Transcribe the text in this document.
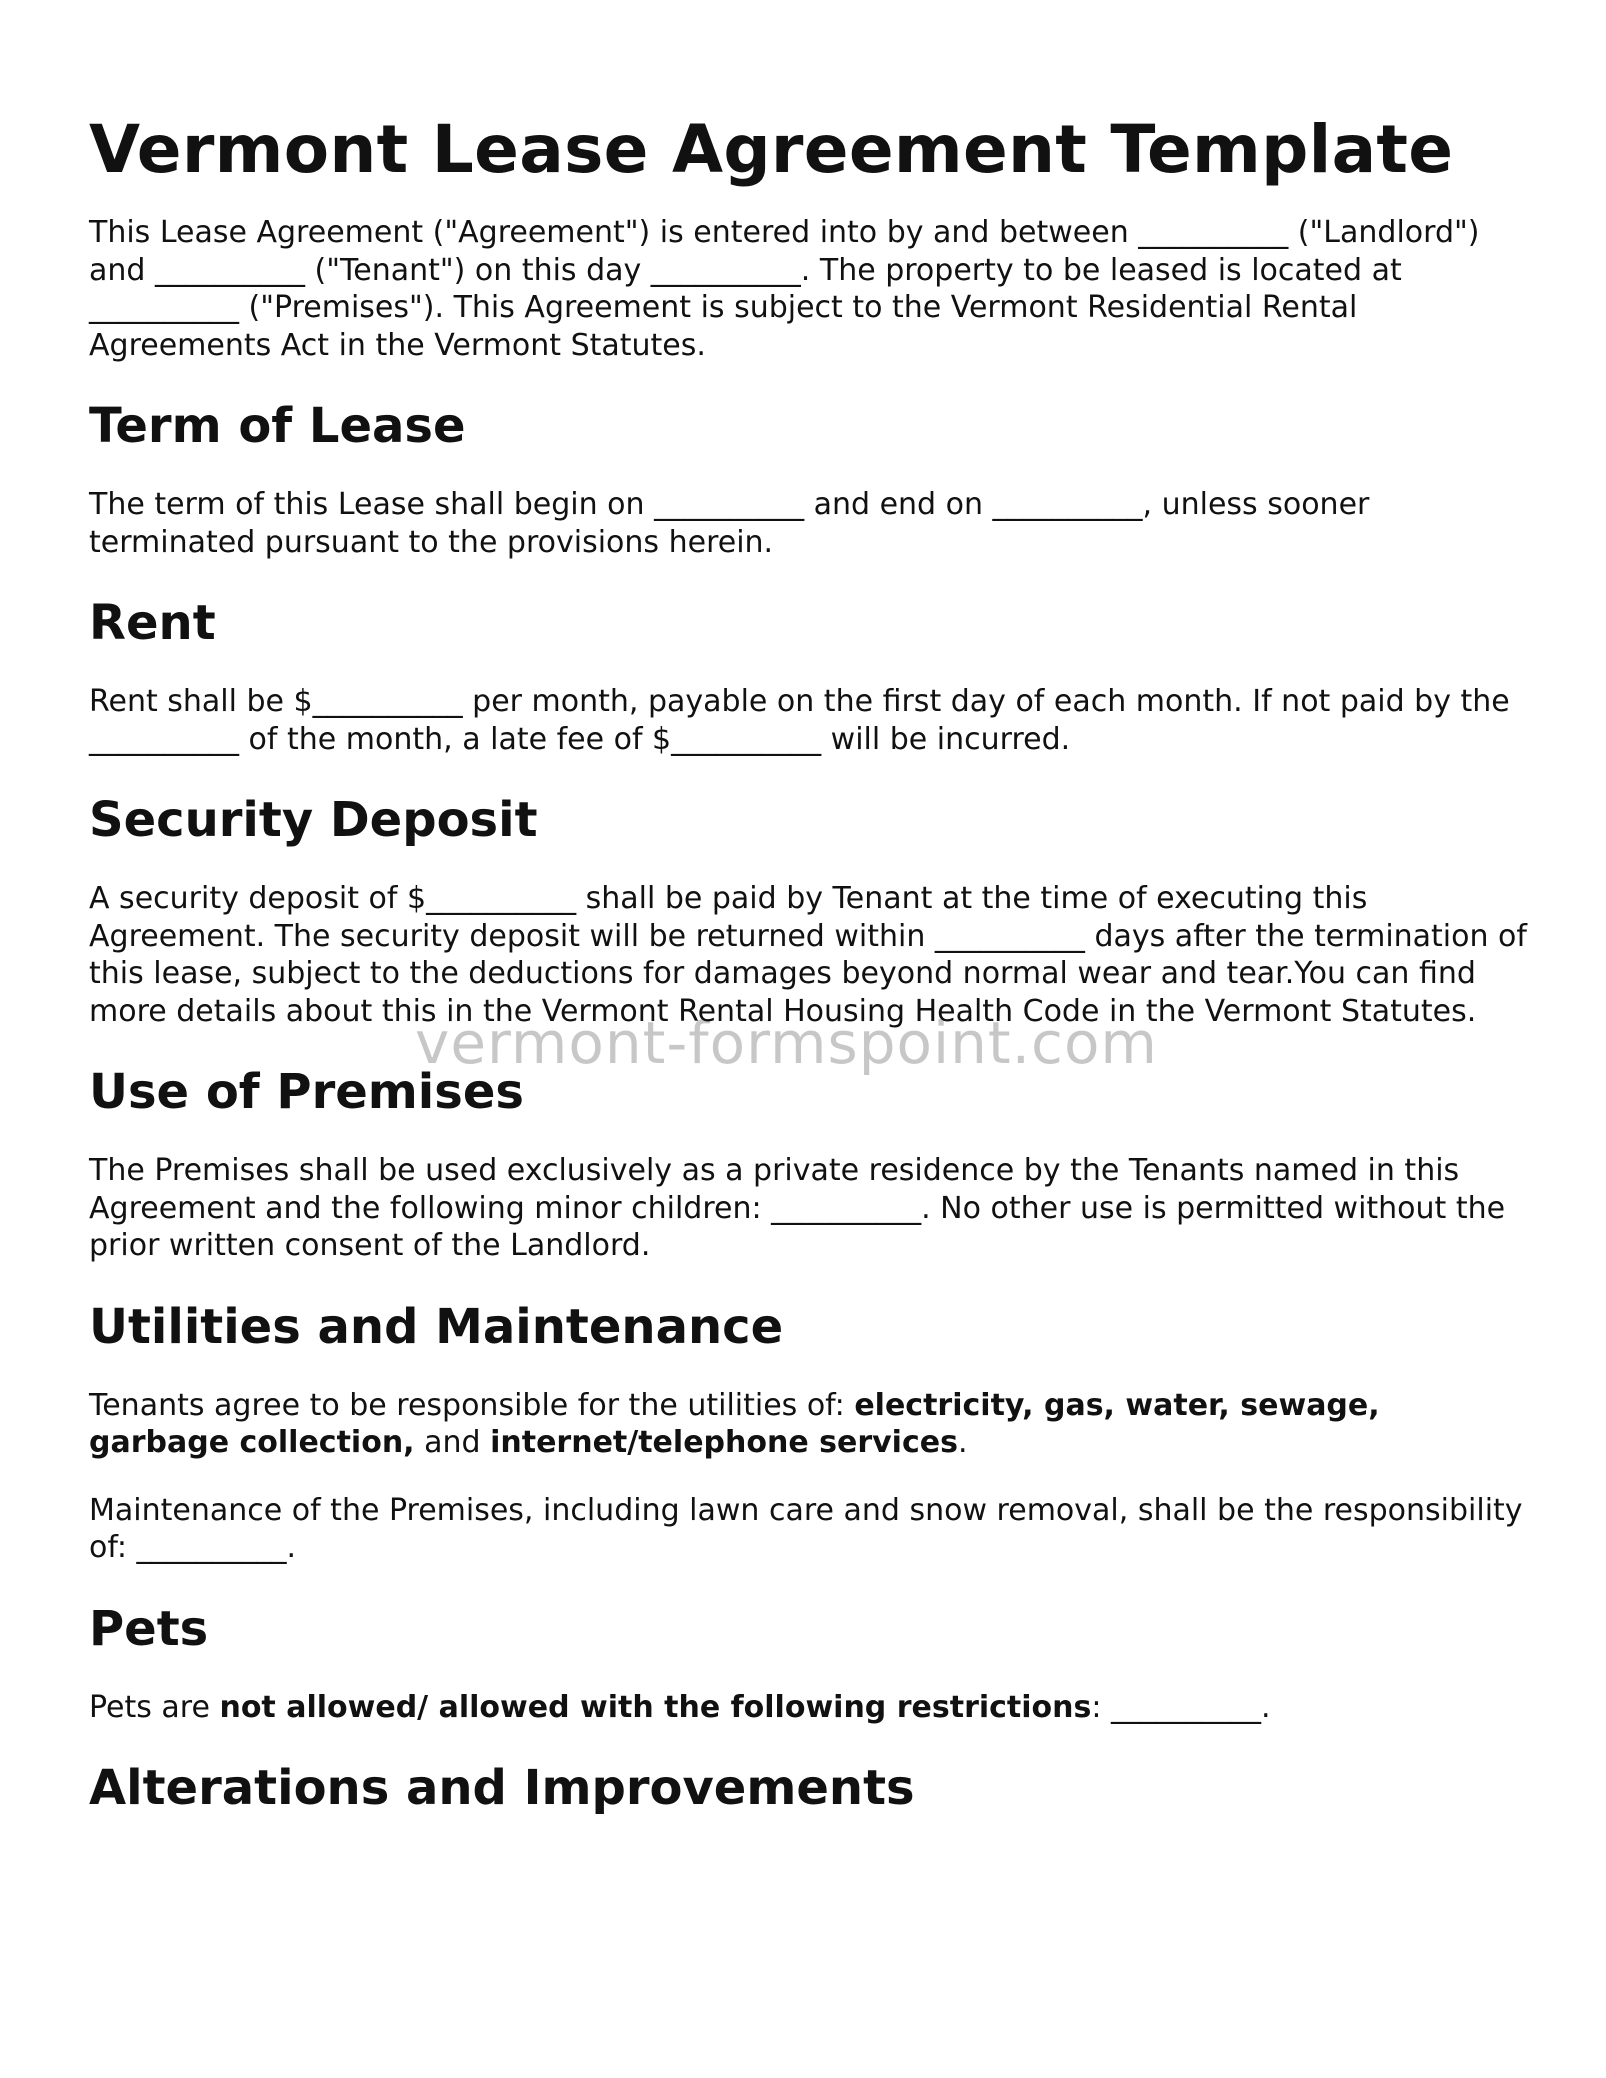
Vermont Lease Agreement Template

This Lease Agreement ("Agreement") is entered into by and between __________ ("Landlord") and __________ ("Tenant") on this day __________. The property to be leased is located at __________ ("Premises"). This Agreement is subject to the Vermont Residential Rental Agreements Act in the Vermont Statutes.

Term of Lease

The term of this Lease shall begin on __________ and end on __________, unless sooner terminated pursuant to the provisions herein.

Rent

Rent shall be $__________ per month, payable on the first day of each month. If not paid by the __________ of the month, a late fee of $__________ will be incurred.

Security Deposit

A security deposit of $__________ shall be paid by Tenant at the time of executing this Agreement. The security deposit will be returned within __________ days after the termination of this lease, subject to the deductions for damages beyond normal wear and tear.You can find more details about this in the Vermont Rental Housing Health Code in the Vermont Statutes.

Use of Premises

The Premises shall be used exclusively as a private residence by the Tenants named in this Agreement and the following minor children: __________. No other use is permitted without the prior written consent of the Landlord.

Utilities and Maintenance

Tenants agree to be responsible for the utilities of: electricity, gas, water, sewage, garbage collection, and internet/telephone services.

Maintenance of the Premises, including lawn care and snow removal, shall be the responsibility of: __________.

Pets

Pets are not allowed/ allowed with the following restrictions: __________.

Alterations and Improvements
vermont-formspoint.com
